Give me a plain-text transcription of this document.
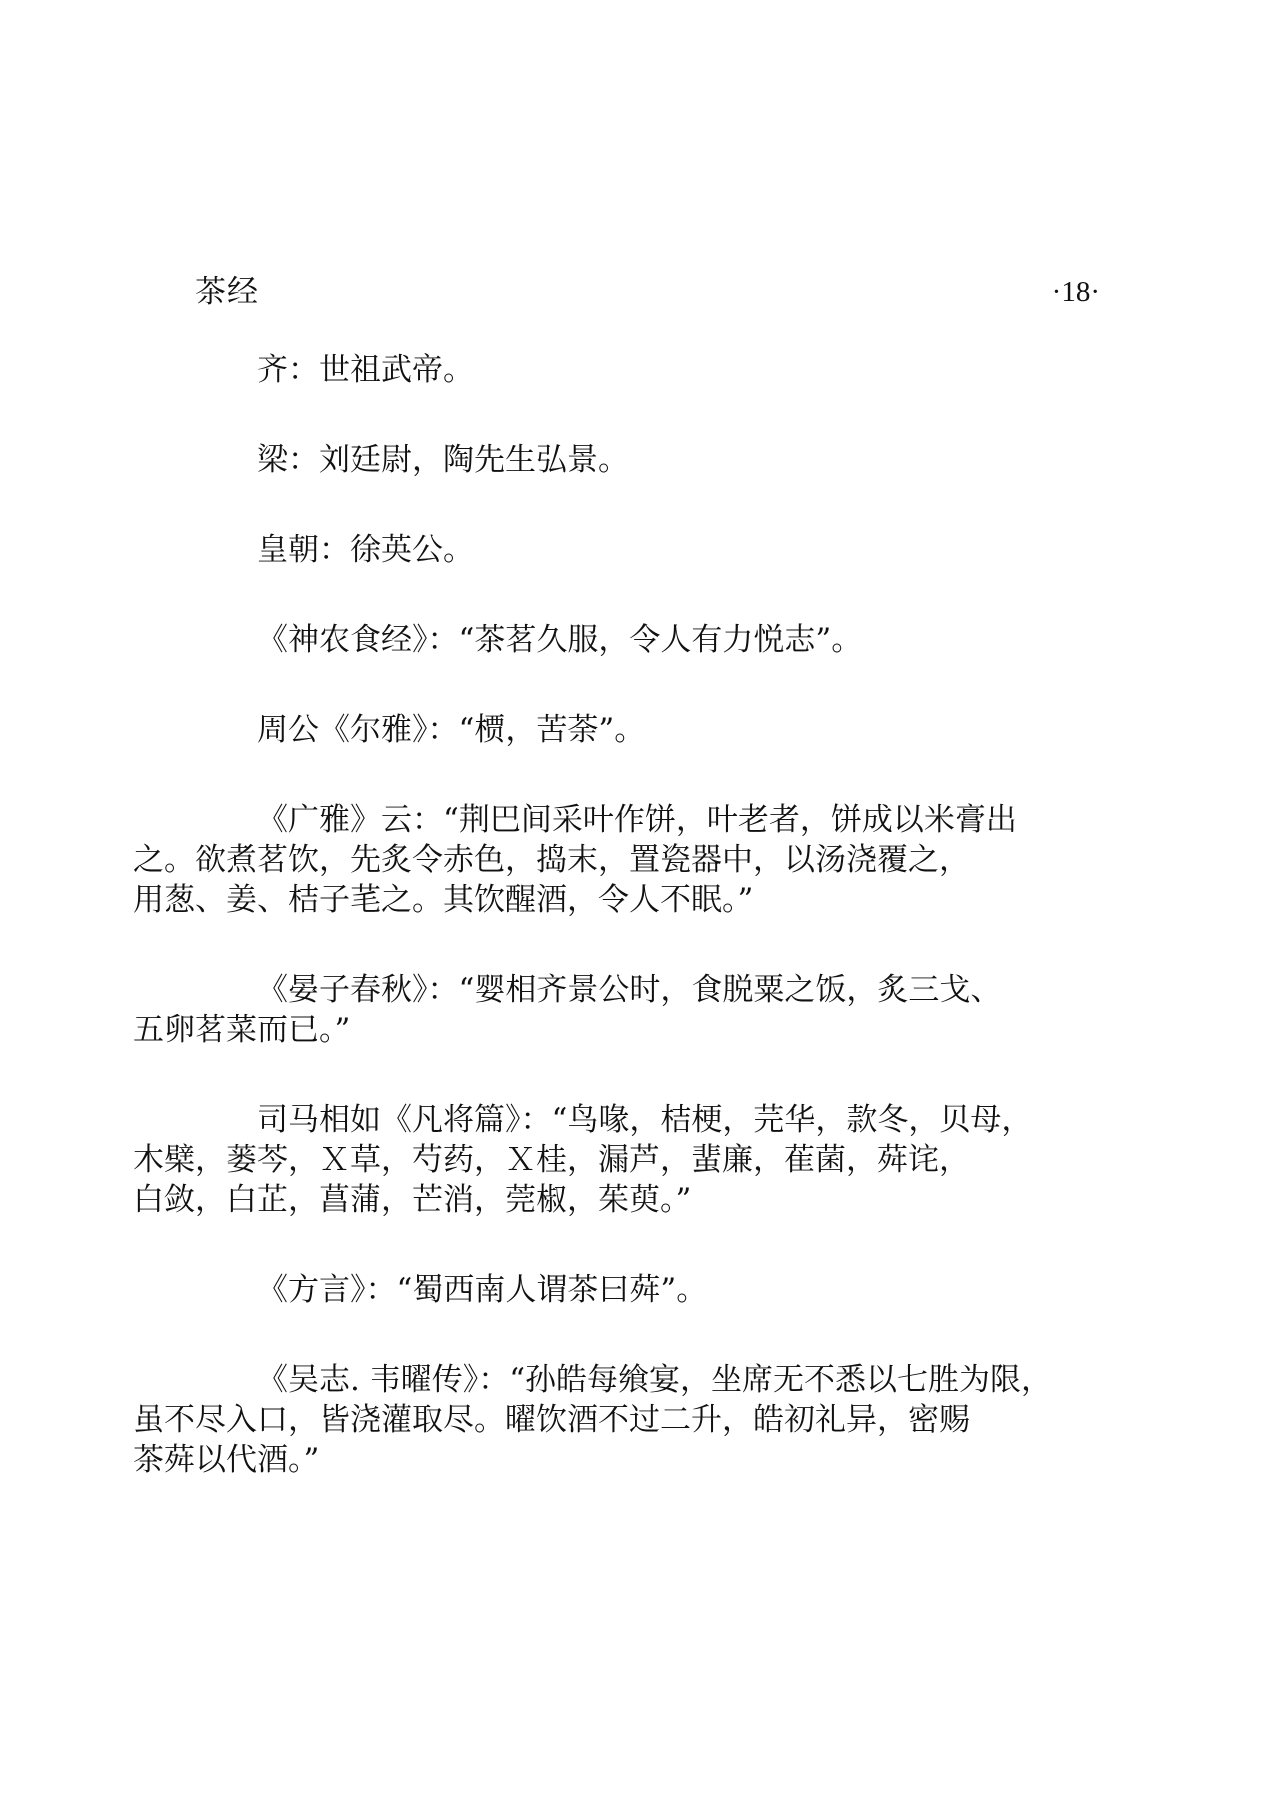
茶经	·18·

齐：世祖武帝。

梁：刘廷尉，陶先生弘景。

皇朝：徐英公。

《神农食经》：“茶茗久服，令人有力悦志”。

周公《尔雅》：“槚，苦荼”。

《广雅》云：“荆巴间采叶作饼，叶老者，饼成以米膏出
之。欲煮茗饮，先炙令赤色，捣末，置瓷器中，以汤浇覆之，
用葱、姜、桔子芼之。其饮醒酒，令人不眠。”

《晏子春秋》：“婴相齐景公时，食脱粟之饭，炙三戈、
五卵茗菜而已。”

司马相如《凡将篇》：“鸟喙，桔梗，芫华，款冬，贝母，
木檗，蒌芩，Ｘ草，芍药，Ｘ桂，漏芦，蜚廉，萑菌，荈诧，
白敛，白芷，菖蒲，芒消，莞椒，茱萸。”

《方言》：“蜀西南人谓茶曰荈”。

《吴志. 韦曜传》：“孙皓每飨宴，坐席无不悉以七胜为限，
虽不尽入口，皆浇灌取尽。曜饮酒不过二升，皓初礼异，密赐
茶荈以代酒。”
